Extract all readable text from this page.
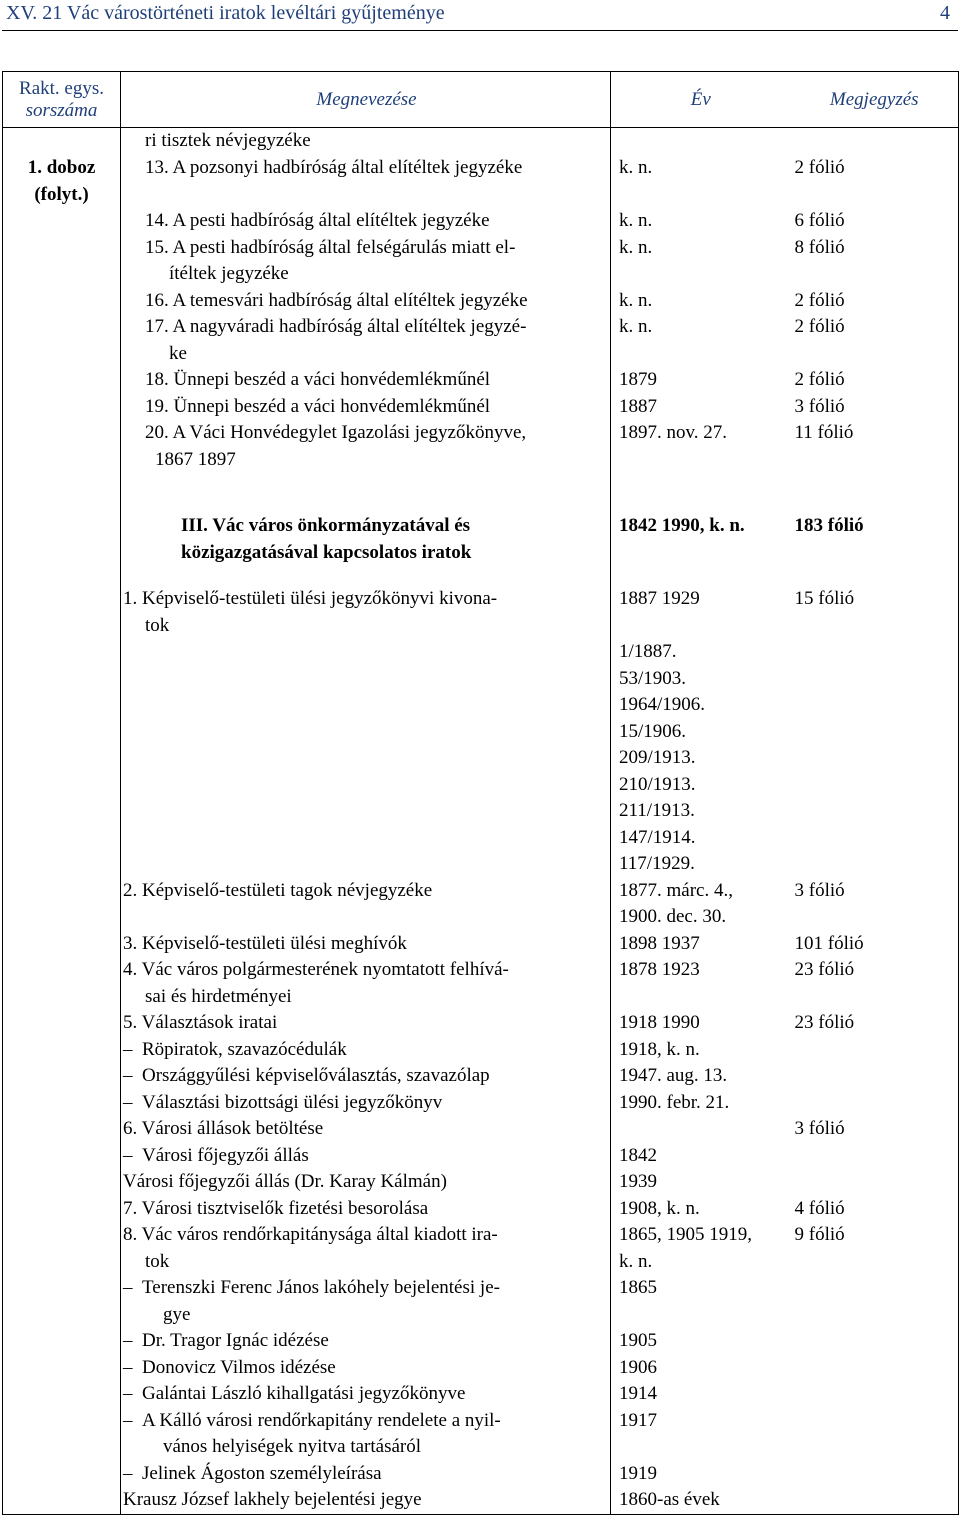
XV. 21 Vác várostörténeti iratok levéltári gyűjteménye	4
Rakt. egys.
sorszáma	Megnevezése	Év	Megjegyzés
1. doboz
(folyt.)	ri tisztek névjegyzéke		
	13. A pozsonyi hadbíróság által elítéltek jegyzéke	k. n.	2 fólió

	14. A pesti hadbíróság által elítéltek jegyzéke	k. n.	6 fólió
	15. A pesti hadbíróság által felségárulás miatt el-	k. n.	8 fólió
	ítéltek jegyzéke		
	16. A temesvári hadbíróság által elítéltek jegyzéke	k. n.	2 fólió
	17. A nagyváradi hadbíróság által elítéltek jegyzé-	k. n.	2 fólió
	ke		
	18. Ünnepi beszéd a váci honvédemlékműnél	1879	2 fólió
	19. Ünnepi beszéd a váci honvédemlékműnél	1887	3 fólió
	20. A Váci Honvédegylet Igazolási jegyzőkönyve,	1897. nov. 27.	11 fólió
	1867 1897		

	III. Vác város önkormányzatával és
közigazgatásával kapcsolatos iratok	1842 1990, k. n.	183 fólió

	1. Képviselő-testületi ülési jegyzőkönyvi kivona-	1887 1929	15 fólió
	tok		
		1/1887.	
		53/1903.	
		1964/1906.	
		15/1906.	
		209/1913.	
		210/1913.	
		211/1913.	
		147/1914.	
		117/1929.	
	2. Képviselő-testületi tagok névjegyzéke	1877. márc. 4.,	3 fólió
		1900. dec. 30.	
	3. Képviselő-testületi ülési meghívók	1898 1937	101 fólió
	4. Vác város polgármesterének nyomtatott felhívá-	1878 1923	23 fólió
	sai és hirdetményei		
	5. Választások iratai	1918 1990	23 fólió
	–  Röpiratok, szavazócédulák	1918, k. n.	
	–  Országgyűlési képviselőválasztás, szavazólap	1947. aug. 13.	
	–  Választási bizottsági ülési jegyzőkönyv	1990. febr. 21.	
	6. Városi állások betöltése		3 fólió
	–  Városi főjegyzői állás	1842	
	Városi főjegyzői állás (Dr. Karay Kálmán)	1939	
	7. Városi tisztviselők fizetési besorolása	1908, k. n.	4 fólió
	8. Vác város rendőrkapitánysága által kiadott ira-	1865, 1905 1919,	9 fólió
	tok	k. n.	
	–  Terenszki Ferenc János lakóhely bejelentési je-	1865	
	gye		
	–  Dr. Tragor Ignác idézése	1905	
	–  Donovicz Vilmos idézése	1906	
	–  Galántai László kihallgatási jegyzőkönyve	1914	
	–  A Kálló városi rendőrkapitány rendelete a nyil-	1917	
	vános helyiségek nyitva tartásáról		
	–  Jelinek Ágoston személyleírása	1919	
	Krausz József lakhely bejelentési jegye	1860-as évek	
